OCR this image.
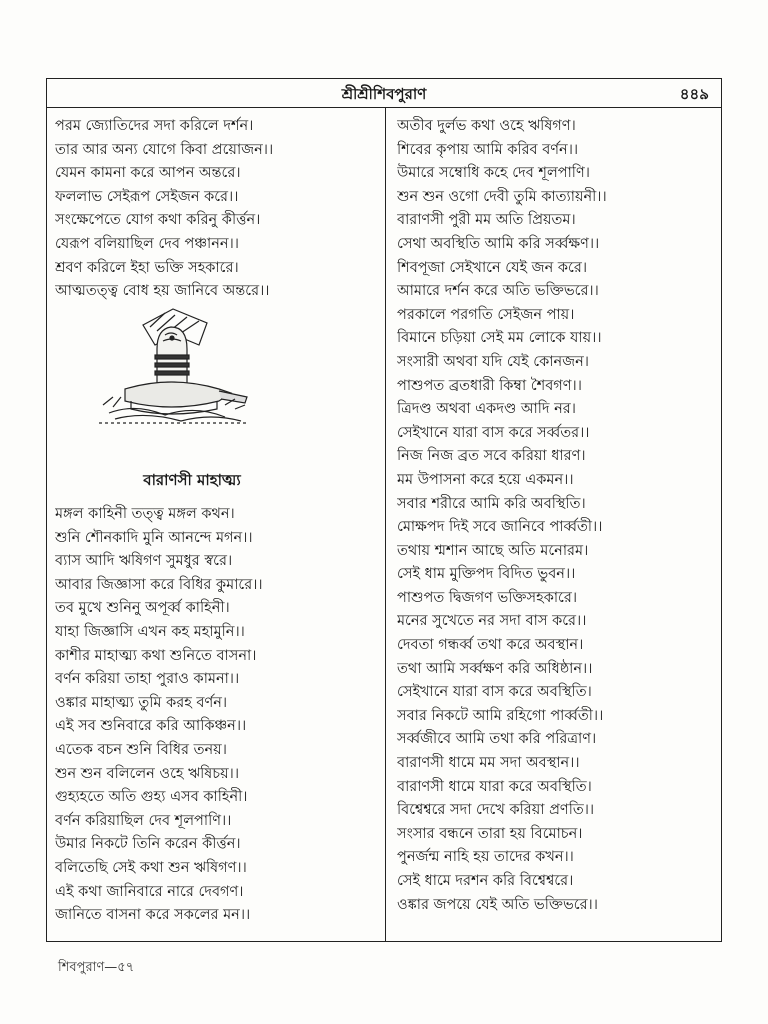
শ্রীশ্রীশিবপুরাণ	৪৪৯
পরম জ্যোতিদের সদা করিলে দর্শন।
তার আর অন্য যোগে কিবা প্রয়োজন।।
যেমন কামনা করে আপন অন্তরে।
ফললাভ সেইরূপ সেইজন করে।।
সংক্ষেপেতে যোগ কথা করিনু কীৰ্ত্তন।
যেরূপ বলিয়াছিল দেব পঞ্চানন।।
শ্রবণ করিলে ইহা ভক্তি সহকারে।
আত্মতত্ত্ব বোধ হয় জানিবে অন্তরে।।
বারাণসী মাহাত্ম্য
মঙ্গল কাহিনী তত্ত্ব মঙ্গল কথন।
শুনি শৌনকাদি মুনি আনন্দে মগন।।
ব্যাস আদি ঋষিগণ সুমধুর স্বরে।
আবার জিজ্ঞাসা করে বিধির কুমারে।।
তব মুখে শুনিনু অপূৰ্ব্ব কাহিনী।
যাহা জিজ্ঞাসি এখন কহ মহামুনি।।
কাশীর মাহাত্ম্য কথা শুনিতে বাসনা।
বর্ণন করিয়া তাহা পুরাও কামনা।।
ওঙ্কার মাহাত্ম্য তুমি করহ বর্ণন।
এই সব শুনিবারে করি আকিঞ্চন।।
এতেক বচন শুনি বিধির তনয়।
শুন শুন বলিলেন ওহে ঋষিচয়।।
গুহ্যহতে অতি গুহ্য এসব কাহিনী।
বর্ণন করিয়াছিল দেব শূলপাণি।।
উমার নিকটে তিনি করেন কীৰ্ত্তন।
বলিতেছি সেই কথা শুন ঋষিগণ।।
এই কথা জানিবারে নারে দেবগণ।
জানিতে বাসনা করে সকলের মন।।
অতীব দুর্লভ কথা ওহে ঋষিগণ।
শিবের কৃপায় আমি করিব বর্ণন।।
উমারে সম্বোধি কহে দেব শূলপাণি।
শুন শুন ওগো দেবী তুমি কাত্যায়নী।।
বারাণসী পুরী মম অতি প্রিয়তম।
সেথা অবস্থিতি আমি করি সর্ব্বক্ষণ।।
শিবপূজা সেইখানে যেই জন করে।
আমারে দর্শন করে অতি ভক্তিভরে।।
পরকালে পরগতি সেইজন পায়।
বিমানে চড়িয়া সেই মম লোকে যায়।।
সংসারী অথবা যদি যেই কোনজন।
পাশুপত ব্রতধারী কিম্বা শৈবগণ।।
ত্রিদণ্ড অথবা একদণ্ড আদি নর।
সেইখানে যারা বাস করে সর্ব্বতর।।
নিজ নিজ ব্রত সবে করিয়া ধারণ।
মম উপাসনা করে হয়ে একমন।।
সবার শরীরে আমি করি অবস্থিতি।
মোক্ষপদ দিই সবে জানিবে পাৰ্ব্বতী।।
তথায় শ্মশান আছে অতি মনোরম।
সেই ধাম মুক্তিপদ বিদিত ভুবন।।
পাশুপত দ্বিজগণ ভক্তিসহকারে।
মনের সুখেতে নর সদা বাস করে।।
দেবতা গন্ধর্ব্ব তথা করে অবস্থান।
তথা আমি সর্ব্বক্ষণ করি অধিষ্ঠান।।
সেইখানে যারা বাস করে অবস্থিতি।
সবার নিকটে আমি রহিগো পাৰ্ব্বতী।।
সৰ্ব্বজীবে আমি তথা করি পরিত্রাণ।
বারাণসী ধামে মম সদা অবস্থান।।
বারাণসী ধামে যারা করে অবস্থিতি।
বিশ্বেশ্বরে সদা দেখে করিয়া প্রণতি।।
সংসার বন্ধনে তারা হয় বিমোচন।
পুনর্জন্ম নাহি হয় তাদের কখন।।
সেই ধামে দরশন করি বিশ্বেশ্বরে।
ওঙ্কার জপয়ে যেই অতি ভক্তিভরে।।
শিবপুরাণ—৫৭
